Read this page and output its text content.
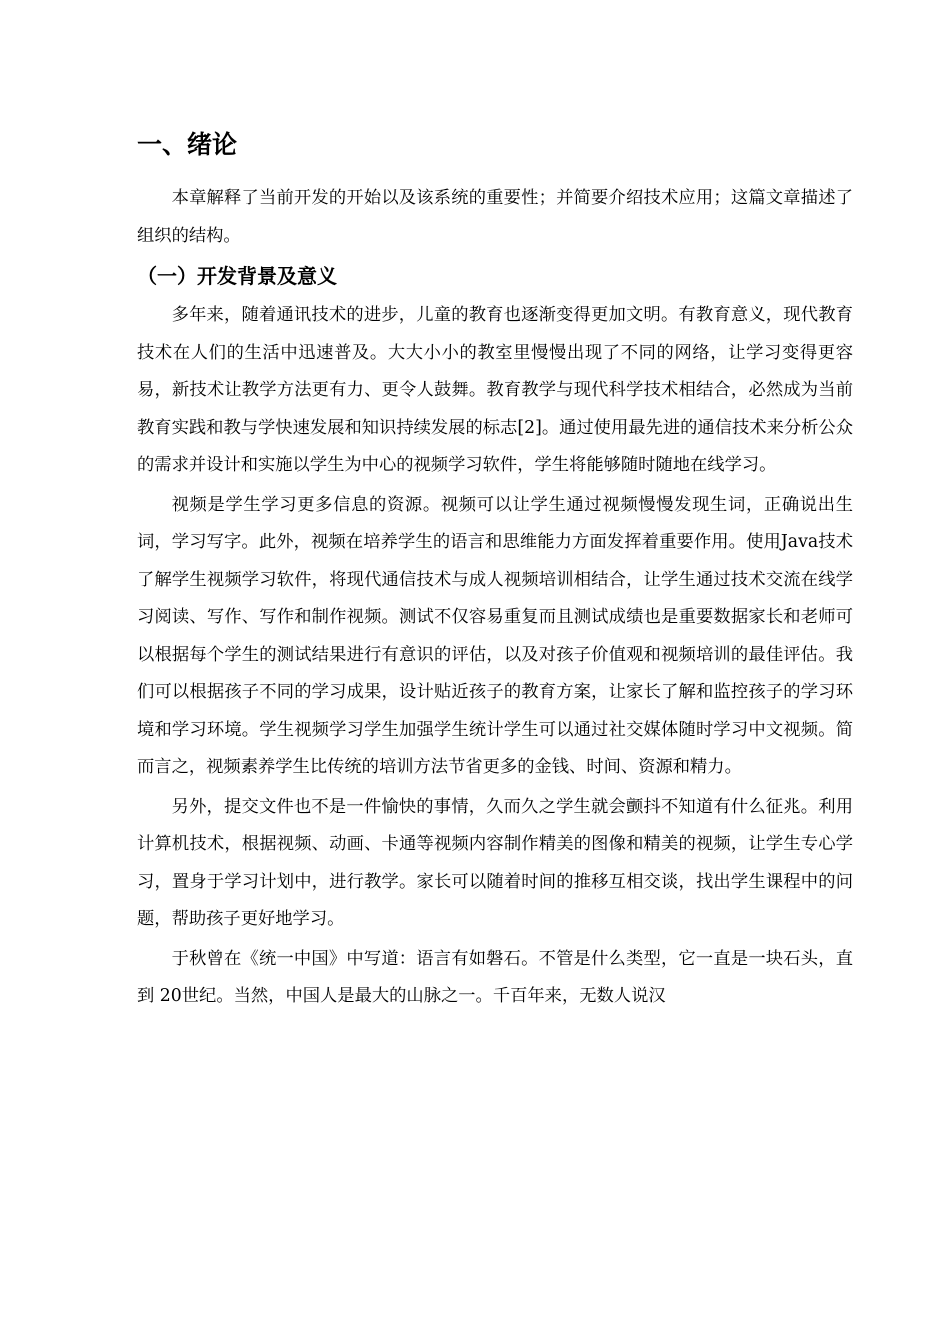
一、绪论

本章解释了当前开发的开始以及该系统的重要性；并简要介绍技术应用；这篇文章描述了组织的结构。

（一）开发背景及意义

多年来，随着通讯技术的进步，儿童的教育也逐渐变得更加文明。有教育意义，现代教育技术在人们的生活中迅速普及。大大小小的教室里慢慢出现了不同的网络，让学习变得更容易，新技术让教学方法更有力、更令人鼓舞。教育教学与现代科学技术相结合，必然成为当前教育实践和教与学快速发展和知识持续发展的标志[2]。通过使用最先进的通信技术来分析公众的需求并设计和实施以学生为中心的视频学习软件，学生将能够随时随地在线学习。

视频是学生学习更多信息的资源。视频可以让学生通过视频慢慢发现生词，正确说出生词，学习写字。此外，视频在培养学生的语言和思维能力方面发挥着重要作用。使用Java技术了解学生视频学习软件，将现代通信技术与成人视频培训相结合，让学生通过技术交流在线学习阅读、写作、写作和制作视频。测试不仅容易重复而且测试成绩也是重要数据家长和老师可以根据每个学生的测试结果进行有意识的评估，以及对孩子价值观和视频培训的最佳评估。我们可以根据孩子不同的学习成果，设计贴近孩子的教育方案，让家长了解和监控孩子的学习环境和学习环境。学生视频学习学生加强学生统计学生可以通过社交媒体随时学习中文视频。简而言之，视频素养学生比传统的培训方法节省更多的金钱、时间、资源和精力。

另外，提交文件也不是一件愉快的事情，久而久之学生就会颤抖不知道有什么征兆。利用计算机技术，根据视频、动画、卡通等视频内容制作精美的图像和精美的视频，让学生专心学习，置身于学习计划中，进行教学。家长可以随着时间的推移互相交谈，找出学生课程中的问题，帮助孩子更好地学习。

于秋曾在《统一中国》中写道：语言有如磐石。不管是什么类型，它一直是一块石头，直到 20世纪。当然，中国人是最大的山脉之一。千百年来，无数人说汉
